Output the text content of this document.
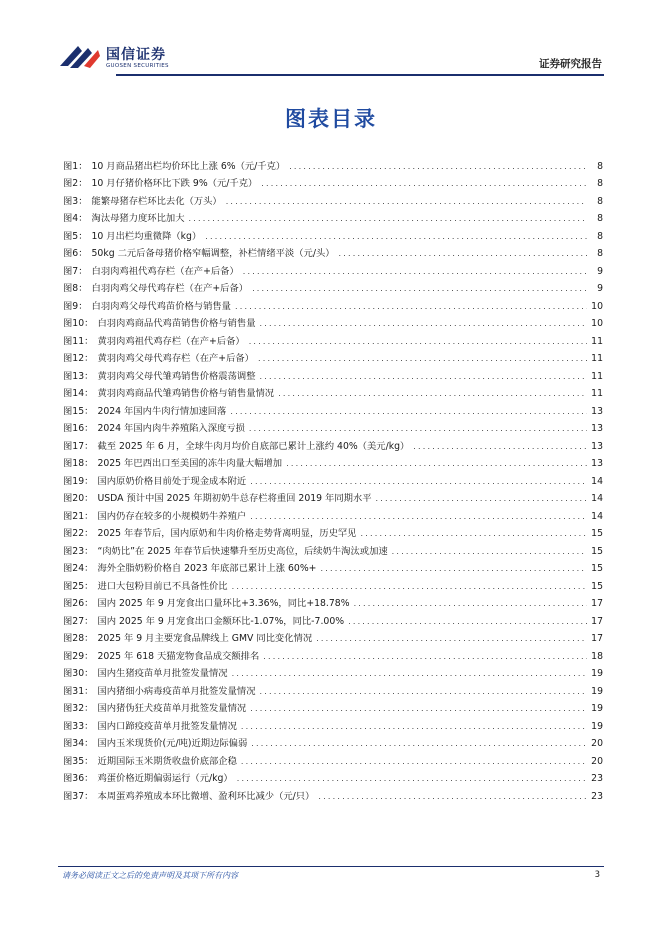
国信证券
GUOSEN SECURITIES	证券研究报告
图表目录
图1： 10 月商品猪出栏均价环比上涨 6%（元/千克） .....	8
图2： 10 月仔猪价格环比下跌 9%（元/千克） .....	8
图3： 能繁母猪存栏环比去化（万头） .....	8
图4： 淘汰母猪力度环比加大 .....	8
图5： 10 月出栏均重微降（kg） .....	8
图6： 50kg 二元后备母猪价格窄幅调整，补栏情绪平淡（元/头） .....	8
图7： 白羽肉鸡祖代鸡存栏（在产+后备） .....	9
图8： 白羽肉鸡父母代鸡存栏（在产+后备） .....	9
图9： 白羽肉鸡父母代鸡苗价格与销售量 .....	10
图10： 白羽肉鸡商品代鸡苗销售价格与销售量 .....	10
图11： 黄羽肉鸡祖代鸡存栏（在产+后备） .....	11
图12： 黄羽肉鸡父母代鸡存栏（在产+后备） .....	11
图13： 黄羽肉鸡父母代雏鸡销售价格震荡调整 .....	11
图14： 黄羽肉鸡商品代雏鸡销售价格与销售量情况 .....	11
图15： 2024 年国内牛肉行情加速回落 .....	13
图16： 2024 年国内肉牛养殖陷入深度亏损 .....	13
图17： 截至 2025 年 6 月，全球牛肉月均价自底部已累计上涨约 40%（美元/kg） .....	13
图18： 2025 年巴西出口至美国的冻牛肉量大幅增加 .....	13
图19： 国内原奶价格目前处于现金成本附近 .....	14
图20： USDA 预计中国 2025 年期初奶牛总存栏将重回 2019 年同期水平 .....	14
图21： 国内仍存在较多的小规模奶牛养殖户 .....	14
图22： 2025 年春节后，国内原奶和牛肉价格走势背离明显，历史罕见 .....	15
图23： “肉奶比”在 2025 年春节后快速攀升至历史高位，后续奶牛淘汰或加速 .....	15
图24： 海外全脂奶粉价格自 2023 年底部已累计上涨 60%+ .....	15
图25： 进口大包粉目前已不具备性价比 .....	15
图26： 国内 2025 年 9 月宠食出口量环比+3.36%，同比+18.78% .....	17
图27： 国内 2025 年 9 月宠食出口金额环比-1.07%，同比-7.00% .....	17
图28： 2025 年 9 月主要宠食品牌线上 GMV 同比变化情况 .....	17
图29： 2025 年 618 天猫宠物食品成交额排名 .....	18
图30： 国内生猪疫苗单月批签发量情况 .....	19
图31： 国内猪细小病毒疫苗单月批签发量情况 .....	19
图32： 国内猪伪狂犬疫苗单月批签发量情况 .....	19
图33： 国内口蹄疫疫苗单月批签发量情况 .....	19
图34： 国内玉米现货价(元/吨)近期边际偏弱 .....	20
图35： 近期国际玉米期货收盘价底部企稳 .....	20
图36： 鸡蛋价格近期偏弱运行（元/kg） .....	23
图37： 本周蛋鸡养殖成本环比微增、盈利环比减少（元/只） .....	23
请务必阅读正文之后的免责声明及其项下所有内容	3
